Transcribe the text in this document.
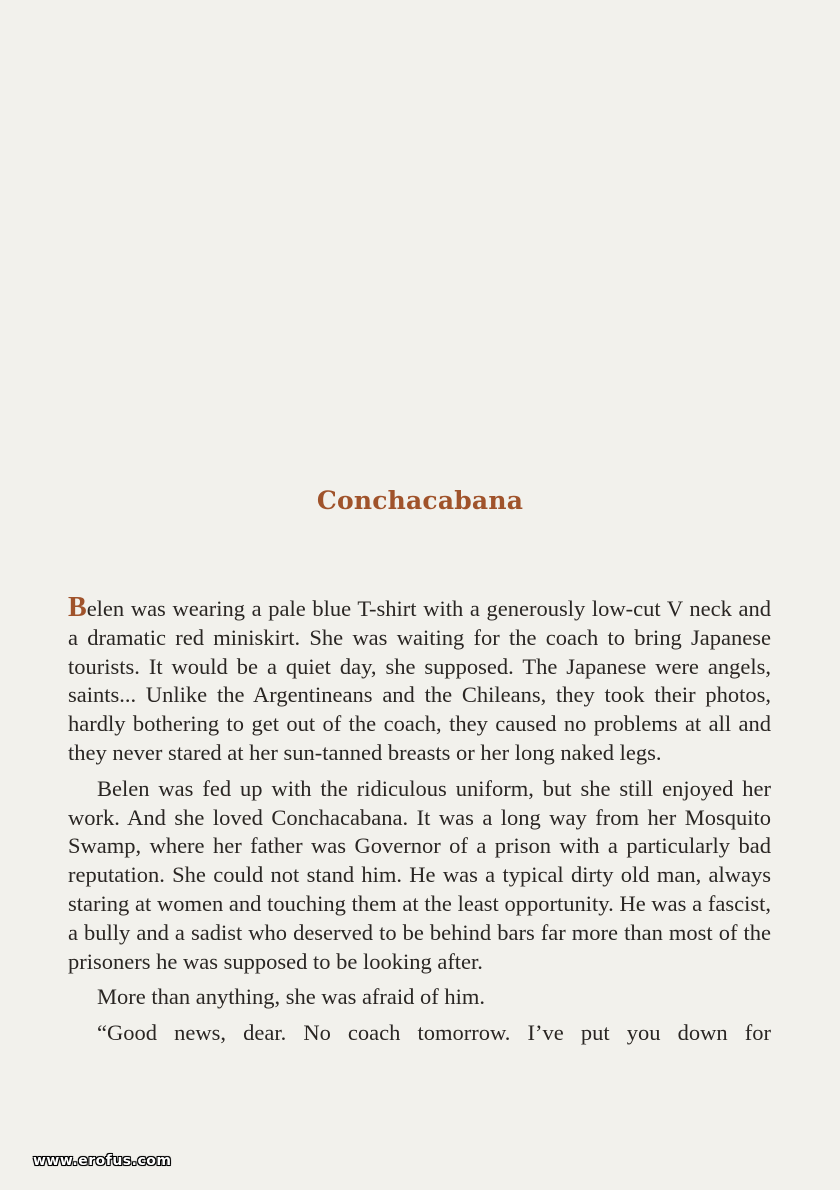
Conchacabana

Belen was wearing a pale blue T-shirt with a generously low-cut V neck and a dramatic red miniskirt. She was waiting for the coach to bring Japanese tourists. It would be a quiet day, she supposed. The Japanese were angels, saints... Unlike the Argentineans and the Chileans, they took their photos, hardly bothering to get out of the coach, they caused no problems at all and they never stared at her sun-tanned breasts or her long naked legs.

Belen was fed up with the ridiculous uniform, but she still enjoyed her work. And she loved Conchacabana. It was a long way from her Mosquito Swamp, where her father was Governor of a prison with a particularly bad reputation. She could not stand him. He was a typical dirty old man, always staring at women and touching them at the least opportunity. He was a fascist, a bully and a sadist who deserved to be behind bars far more than most of the prisoners he was supposed to be looking after.

More than anything, she was afraid of him.

“Good news, dear. No coach tomorrow. I’ve put you down for

www.erofus.com
